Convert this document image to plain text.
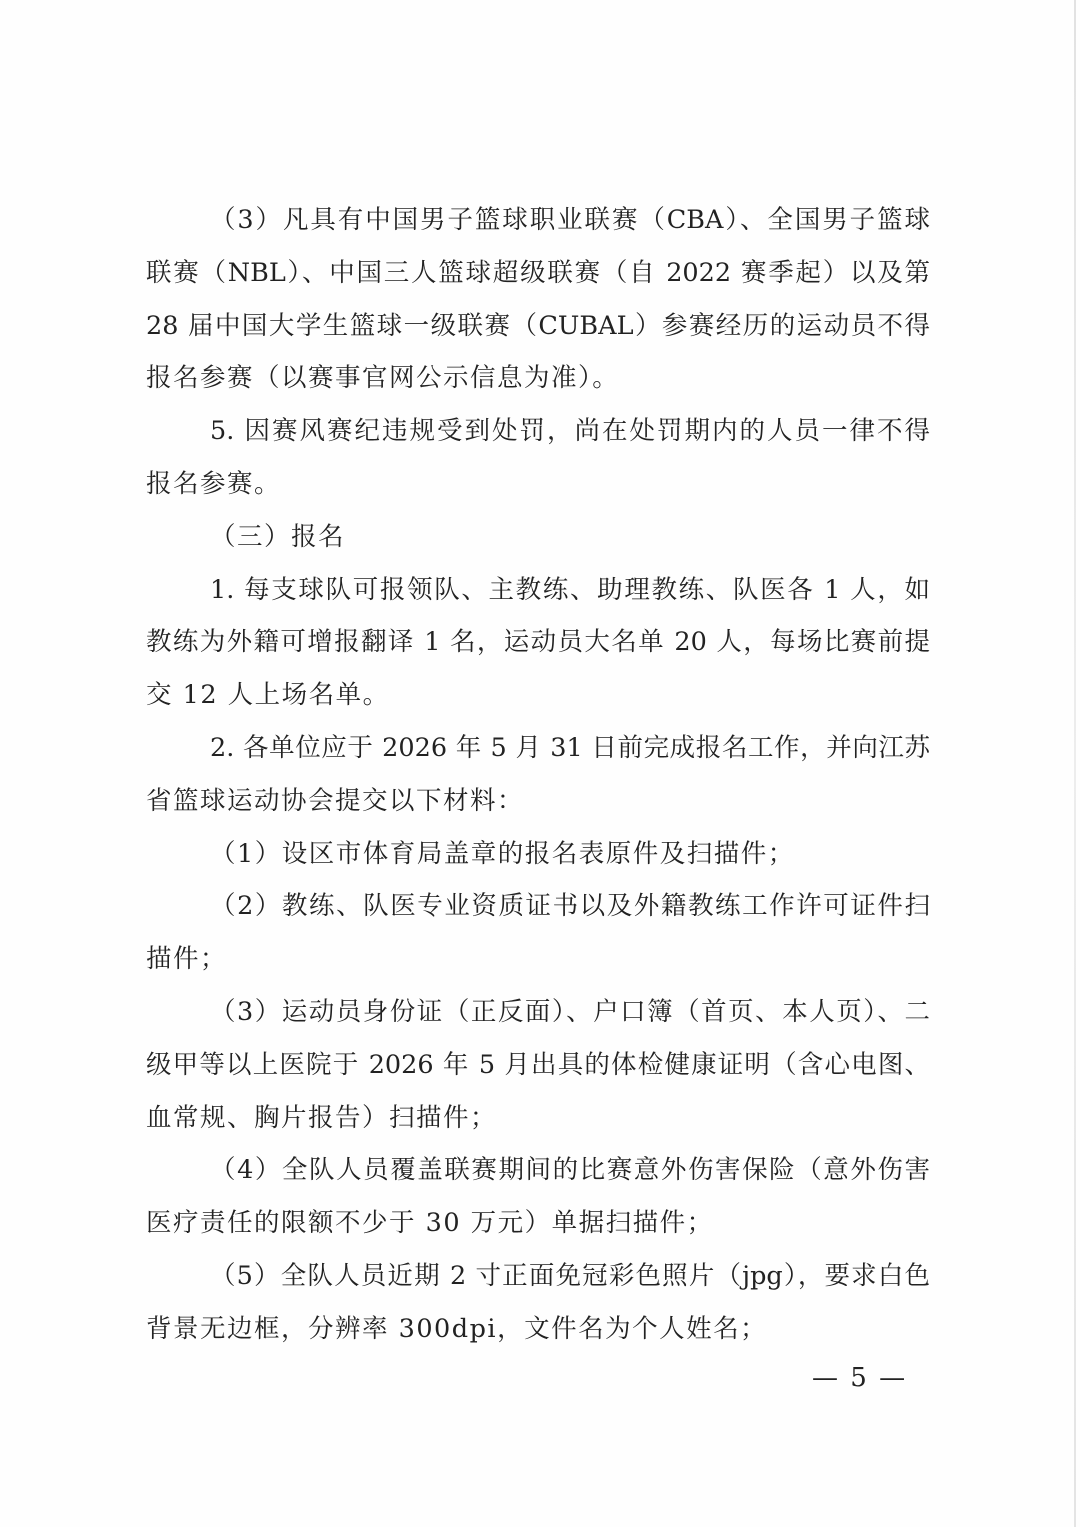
（3）凡具有中国男子篮球职业联赛（CBA）、全国男子篮球
联赛（NBL）、中国三人篮球超级联赛（自 2022 赛季起）以及第
28 届中国大学生篮球一级联赛（CUBAL）参赛经历的运动员不得
报名参赛（以赛事官网公示信息为准）。
5. 因赛风赛纪违规受到处罚，尚在处罚期内的人员一律不得
报名参赛。
（三）报名
1. 每支球队可报领队、主教练、助理教练、队医各 1 人，如
教练为外籍可增报翻译 1 名，运动员大名单 20 人，每场比赛前提
交 12 人上场名单。
2. 各单位应于 2026 年 5 月 31 日前完成报名工作，并向江苏
省篮球运动协会提交以下材料：
（1）设区市体育局盖章的报名表原件及扫描件；
（2）教练、队医专业资质证书以及外籍教练工作许可证件扫
描件；
（3）运动员身份证（正反面）、户口簿（首页、本人页）、二
级甲等以上医院于 2026 年 5 月出具的体检健康证明（含心电图、
血常规、胸片报告）扫描件；
（4）全队人员覆盖联赛期间的比赛意外伤害保险（意外伤害
医疗责任的限额不少于 30 万元）单据扫描件；
（5）全队人员近期 2 寸正面免冠彩色照片（jpg），要求白色
背景无边框，分辨率 300dpi，文件名为个人姓名；
— 5 —
